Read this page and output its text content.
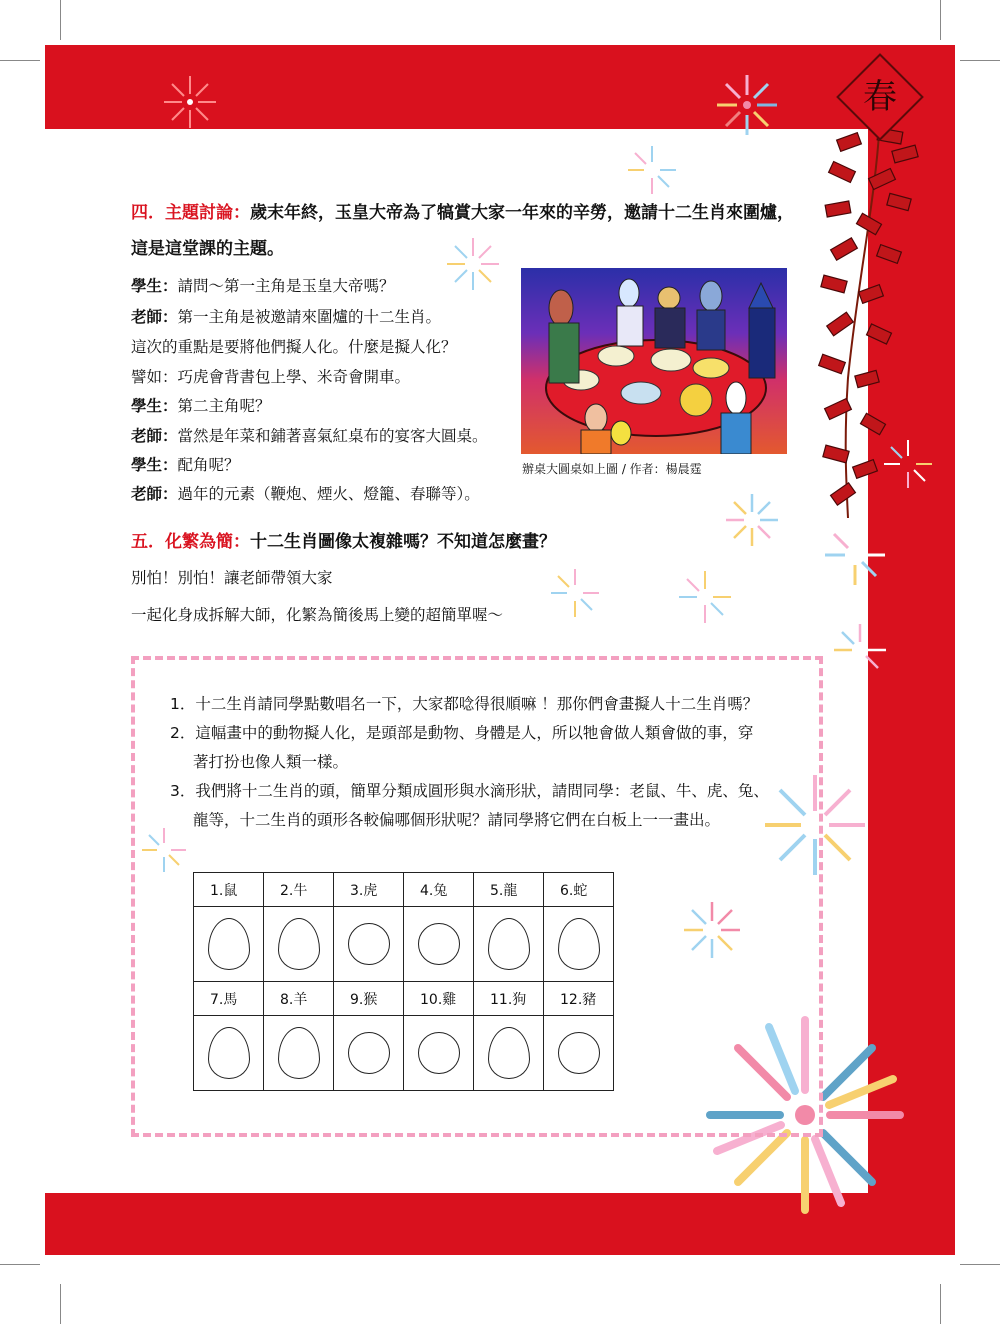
春
四．主題討論：歲末年終，玉皇大帝為了犒賞大家一年來的辛勞，邀請十二生肖來圍爐，
這是這堂課的主題。
學生：請問～第一主角是玉皇大帝嗎？
老師：第一主角是被邀請來圍爐的十二生肖。
這次的重點是要將他們擬人化。什麼是擬人化？
譬如：巧虎會背書包上學、米奇會開車。
學生：第二主角呢？
老師：當然是年菜和鋪著喜氣紅桌布的宴客大圓桌。
學生：配角呢？
老師：過年的元素（鞭炮、煙火、燈籠、春聯等）。
辦桌大圓桌如上圖 / 作者：楊晨霆
五．化繁為簡：十二生肖圖像太複雜嗎？不知道怎麼畫？
別怕！別怕！讓老師帶領大家
一起化身成拆解大師，化繁為簡後馬上變的超簡單喔～
1．十二生肖請同學點數唱名一下，大家都唸得很順嘛 ！那你們會畫擬人十二生肖嗎？
2．這幅畫中的動物擬人化，是頭部是動物、身體是人，所以牠會做人類會做的事，穿
著打扮也像人類一樣。
3．我們將十二生肖的頭，簡單分類成圓形與水滴形狀，請問同學：老鼠、牛、虎、兔、
龍等，十二生肖的頭形各較偏哪個形狀呢？請同學將它們在白板上一一畫出。
1.鼠	2.牛	3.虎	4.兔	5.龍	6.蛇

7.馬	8.羊	9.猴	10.雞	11.狗	12.豬
